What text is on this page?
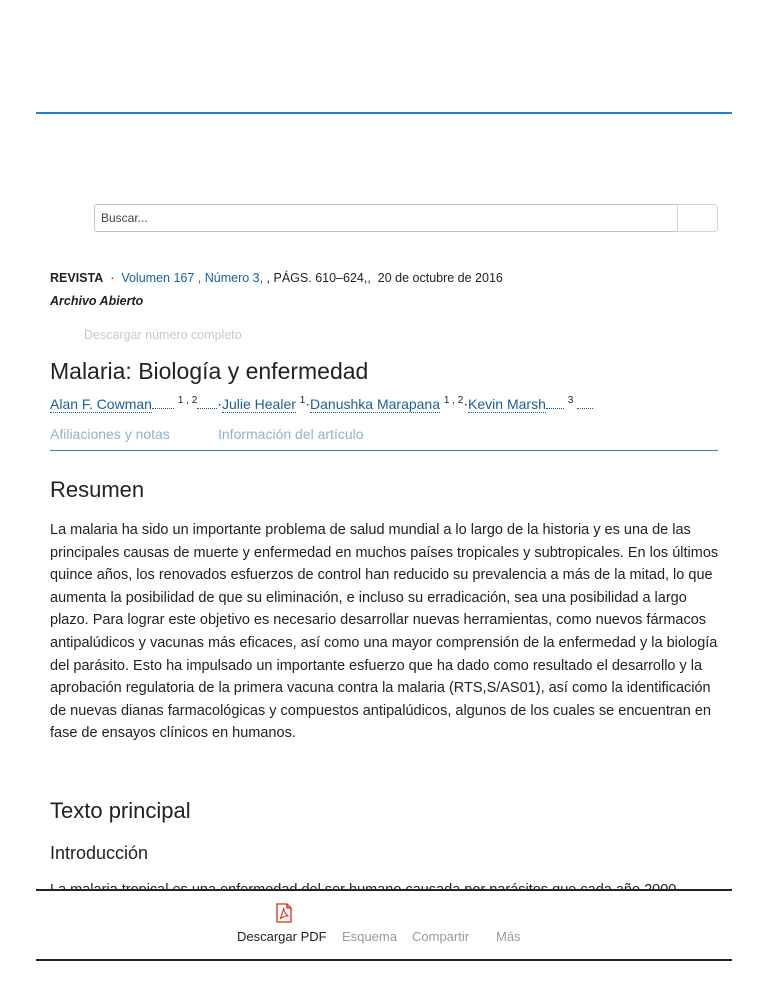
Buscar...
REVISTA · Volumen 167 , Número 3, , PÁGS. 610–624,, 20 de octubre de 2016
Archivo Abierto
Descargar número completo
Malaria: Biología y enfermedad
Alan F. Cowman	$^{1 , 2}$ ·Julie Healer $^1$·Danushka Marapana $^{1 , 2}$·Kevin Marsh $^3$
Afiliaciones y notas	Información del artículo
Resumen

La malaria ha sido un importante problema de salud mundial a lo largo de la historia y es una de las principales causas de muerte y enfermedad en muchos países tropicales y subtropicales. En los últimos quince años, los renovados esfuerzos de control han reducido su prevalencia a más de la mitad, lo que aumenta la posibilidad de que su eliminación, e incluso su erradicación, sea una posibilidad a largo plazo. Para lograr este objetivo es necesario desarrollar nuevas herramientas, como nuevos fármacos antipalúdicos y vacunas más eficaces, así como una mayor comprensión de la enfermedad y la biología del parásito. Esto ha impulsado un importante esfuerzo que ha dado como resultado el desarrollo y la aprobación regulatoria de la primera vacuna contra la malaria (RTS,S/AS01), así como la identificación de nuevas dianas farmacológicas y compuestos antipalúdicos, algunos de los cuales se encuentran en fase de ensayos clínicos en humanos.

Texto principal
Introducción
Descargar PDF Esquema Compartir Más
